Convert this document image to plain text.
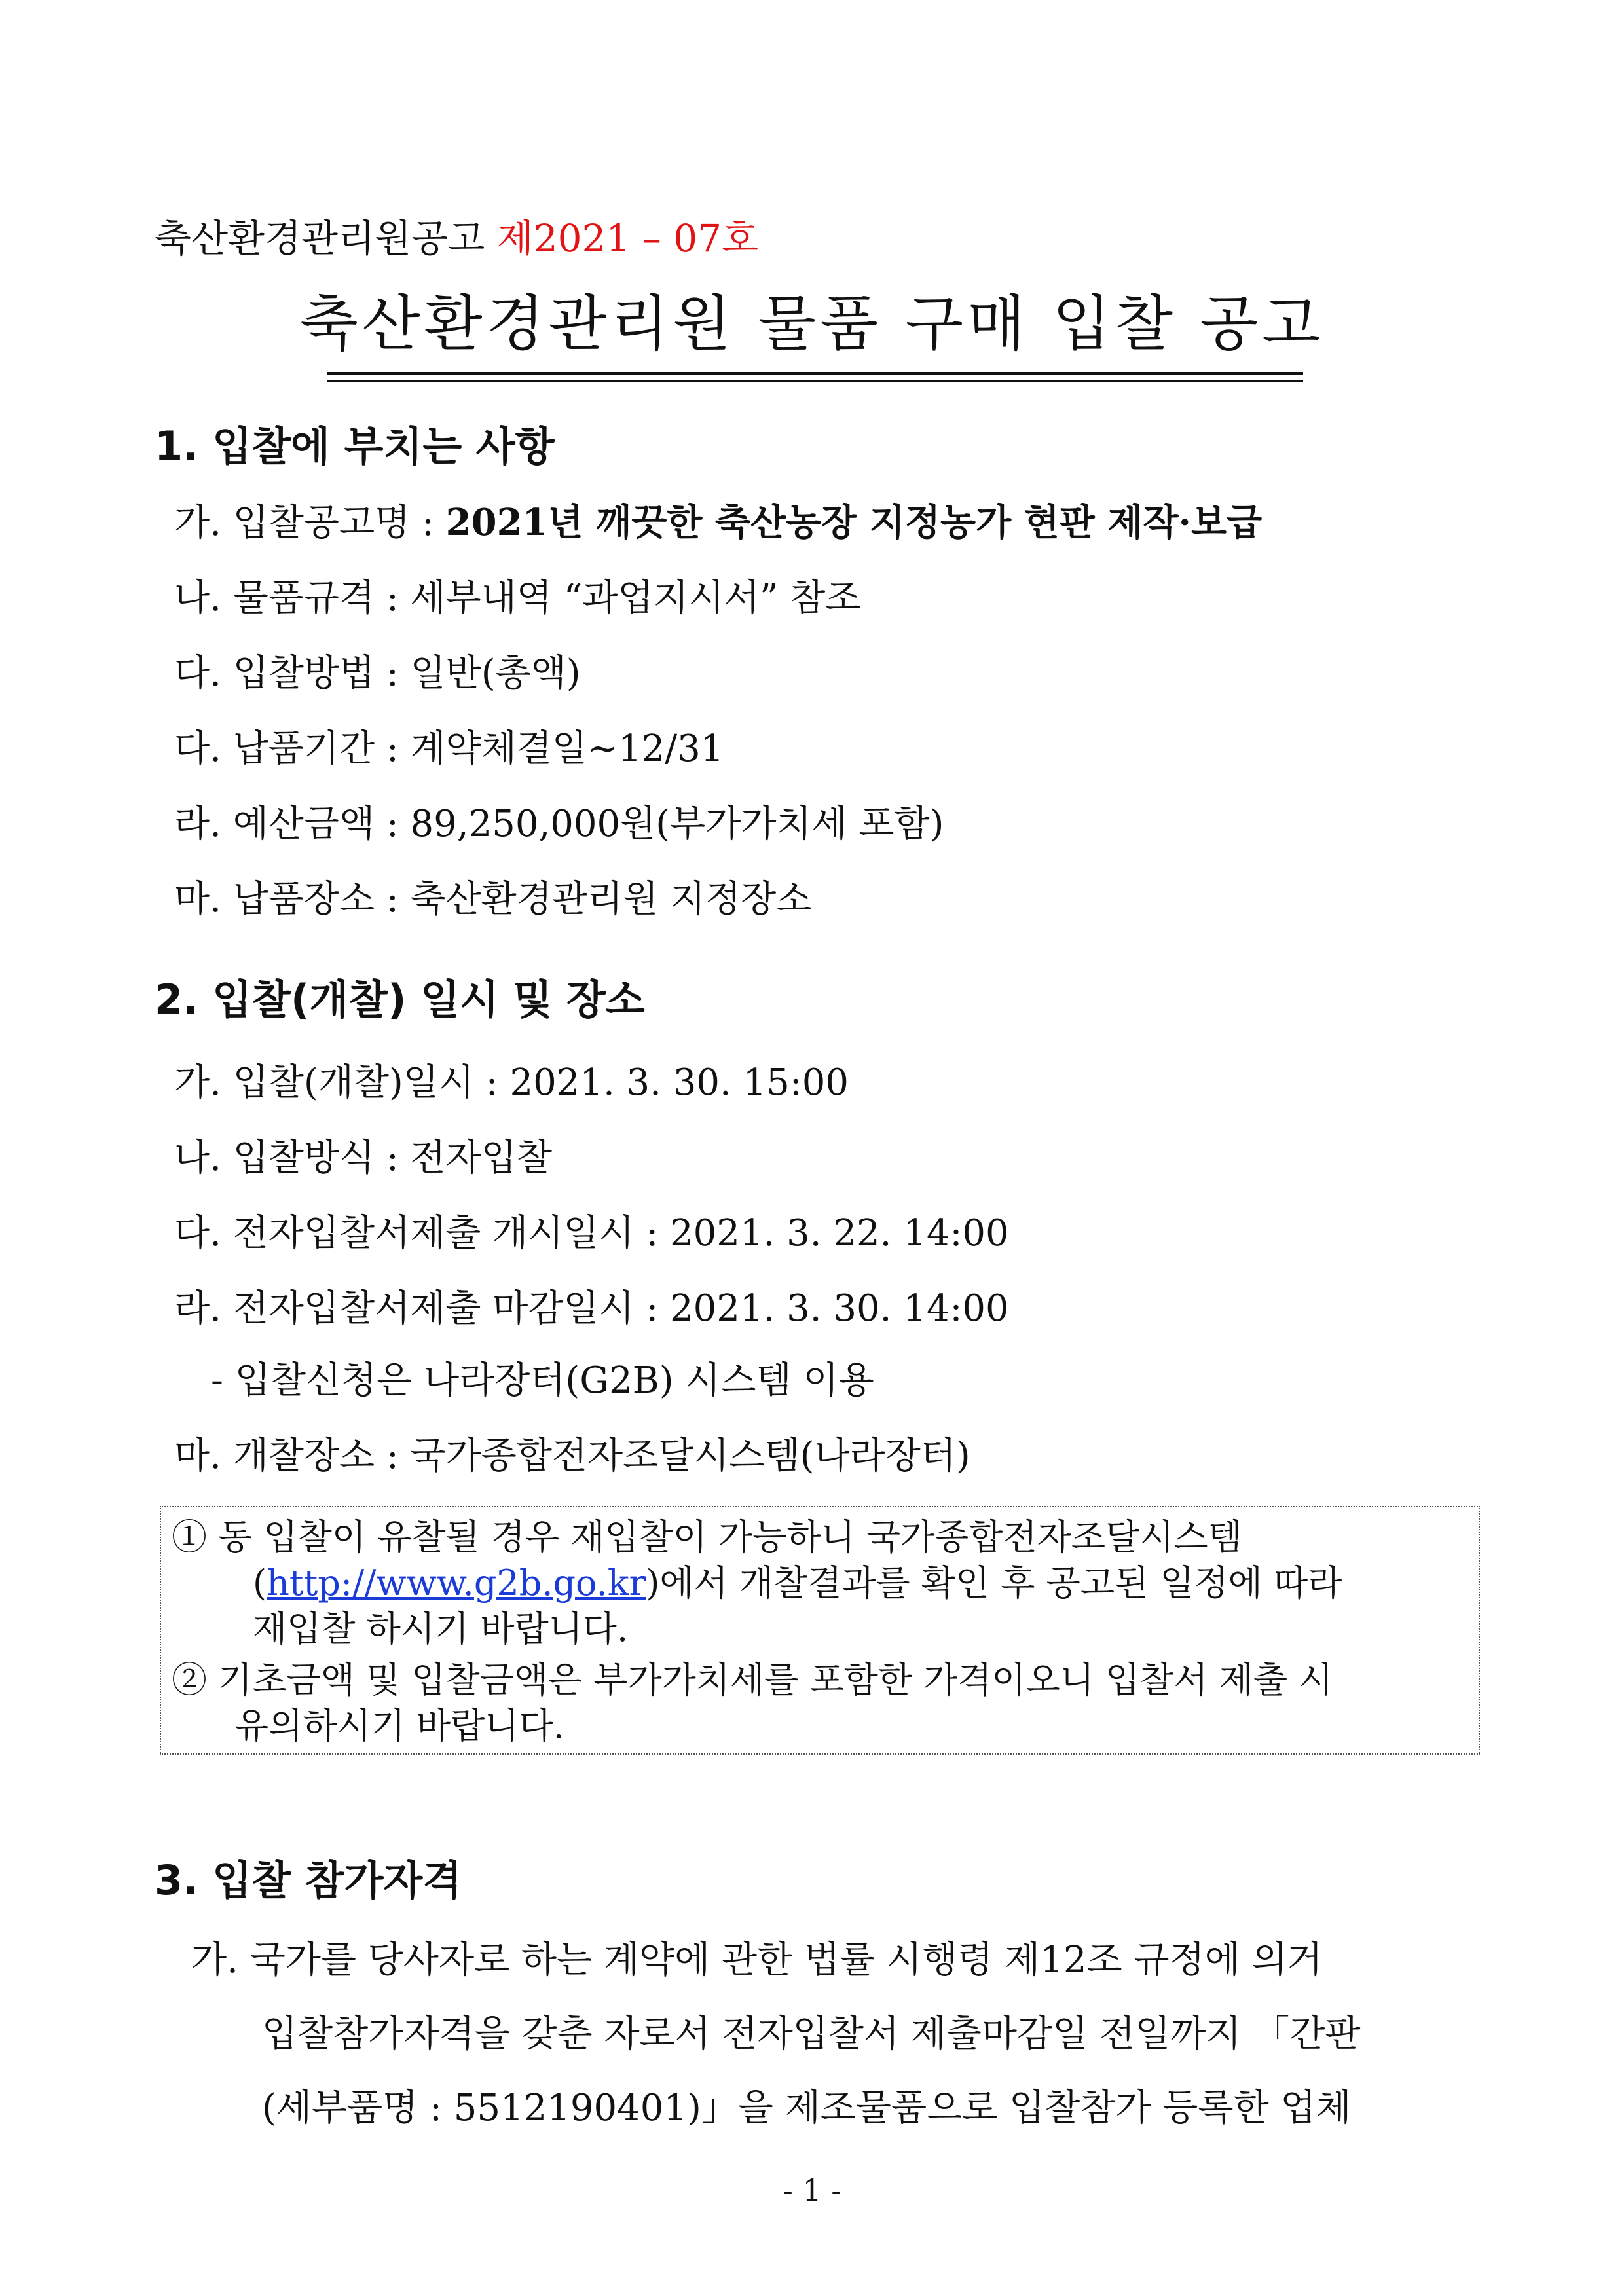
축산환경관리원공고 제2021 – 07호
축산환경관리원 물품 구매 입찰 공고
1. 입찰에 부치는 사항
가. 입찰공고명 : 2021년 깨끗한 축산농장 지정농가 현판 제작·보급
나. 물품규격 : 세부내역 “과업지시서” 참조
다. 입찰방법 : 일반(총액)
다. 납품기간 : 계약체결일~12/31
라. 예산금액 : 89,250,000원(부가가치세 포함)
마. 납품장소 : 축산환경관리원 지정장소
2. 입찰(개찰) 일시 및 장소
가. 입찰(개찰)일시 : 2021. 3. 30. 15:00
나. 입찰방식 : 전자입찰
다. 전자입찰서제출 개시일시 : 2021. 3. 22. 14:00
라. 전자입찰서제출 마감일시 : 2021. 3. 30. 14:00
- 입찰신청은 나라장터(G2B) 시스템 이용
마. 개찰장소 : 국가종합전자조달시스템(나라장터)
① 동 입찰이 유찰될 경우 재입찰이 가능하니 국가종합전자조달시스템
(http://www.g2b.go.kr)에서 개찰결과를 확인 후 공고된 일정에 따라
재입찰 하시기 바랍니다.
② 기초금액 및 입찰금액은 부가가치세를 포함한 가격이오니 입찰서 제출 시
유의하시기 바랍니다.
3. 입찰 참가자격
가. 국가를 당사자로 하는 계약에 관한 법률 시행령 제12조 규정에 의거
입찰참가자격을 갖춘 자로서 전자입찰서 제출마감일 전일까지 「간판
(세부품명 : 5512190401)」을 제조물품으로 입찰참가 등록한 업체
- 1 -
